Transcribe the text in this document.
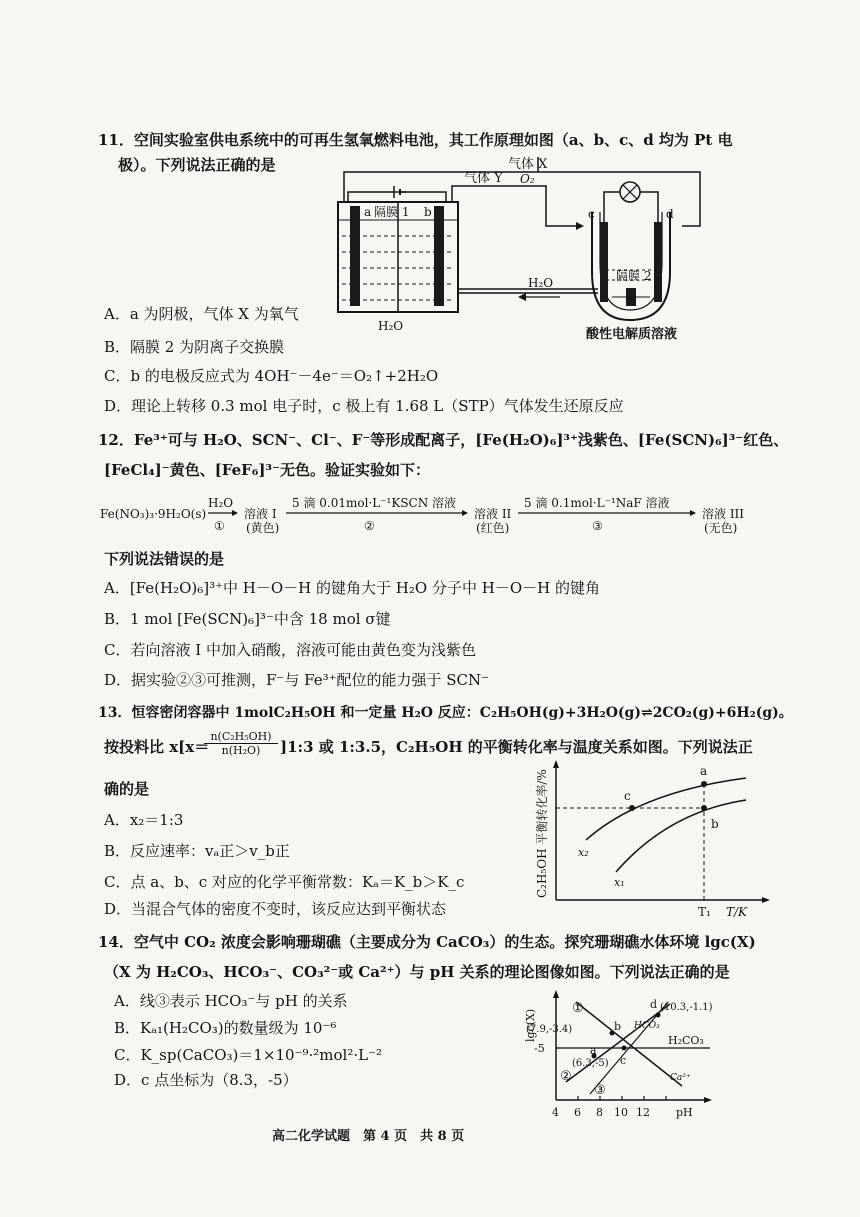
11．空间实验室供电系统中的可再生氢氧燃料电池，其工作原理如图（a、b、c、d 均为 Pt 电
极）。下列说法正确的是	气体 X
气体 Y O₂
a 隔膜 1 b	c	d
隔膜 2
H₂O
H₂O
酸性电解质溶液
A．a 为阴极，气体 X 为氧气
B．隔膜 2 为阴离子交换膜
C．b 的电极反应式为 4OH⁻－4e⁻＝O₂↑+2H₂O
D．理论上转移 0.3 mol 电子时，c 极上有 1.68 L（STP）气体发生还原反应
12．Fe³⁺可与 H₂O、SCN⁻、Cl⁻、F⁻等形成配离子，[Fe(H₂O)₆]³⁺浅紫色、[Fe(SCN)₆]³⁻红色、
[FeCl₄]⁻黄色、[FeF₆]³⁻无色。验证实验如下：
Fe(NO₃)₃·9H₂O(s)
H₂O
①
溶液 I
(黄色)
5 滴 0.01mol·L⁻¹KSCN 溶液
②
溶液 II
(红色)
5 滴 0.1mol·L⁻¹NaF 溶液
③
溶液 III
(无色)
下列说法错误的是
A．[Fe(H₂O)₆]³⁺中 H－O－H 的键角大于 H₂O 分子中 H－O－H 的键角
B．1 mol [Fe(SCN)₆]³⁻中含 18 mol σ键
C．若向溶液 I 中加入硝酸，溶液可能由黄色变为浅紫色
D．据实验②③可推测，F⁻与 Fe³⁺配位的能力强于 SCN⁻
13．恒容密闭容器中 1molC₂H₅OH 和一定量 H₂O 反应：C₂H₅OH(g)+3H₂O(g)⇌2CO₂(g)+6H₂(g)。
按投料比 x[x＝
$\frac{\text{n(C₂H₅OH)}}{\text{n(H₂O)}}$ ]1:3 或 1:3.5，C₂H₅OH 的平衡转化率与温度关系如图。下列说法正
确的是
A．x₂＝1:3
B．反应速率：vₐ正＞v_b正
C．点 a、b、c 对应的化学平衡常数：Kₐ＝K_b＞K_c
D．当混合气体的密度不变时，该反应达到平衡状态
a
b
c
x₂
x₁
T₁ T/K
C₂H₅OH 平衡转化率/%
14．空气中 CO₂ 浓度会影响珊瑚礁（主要成分为 CaCO₃）的生态。探究珊瑚礁水体环境 lgc(X)
（X 为 H₂CO₃、HCO₃⁻、CO₃²⁻或 Ca²⁺）与 pH 关系的理论图像如图。下列说法正确的是
A．线③表示 HCO₃⁻与 pH 的关系
B．Kₐ₁(H₂CO₃)的数量级为 10⁻⁶
C．K_sp(CaCO₃)＝1×10⁻⁹·²mol²·L⁻²
D．c 点坐标为（8.3，-5）
-5
4 6 8 10 12 pH
lgc(X)
①
②
③
d
b
a
c
(10.3,-1.1)
(7.9,-3.4)
(6.3,-5)
H₂CO₃
HCO₃
Ca²⁺
高二化学试题　第 4 页　共 8 页
